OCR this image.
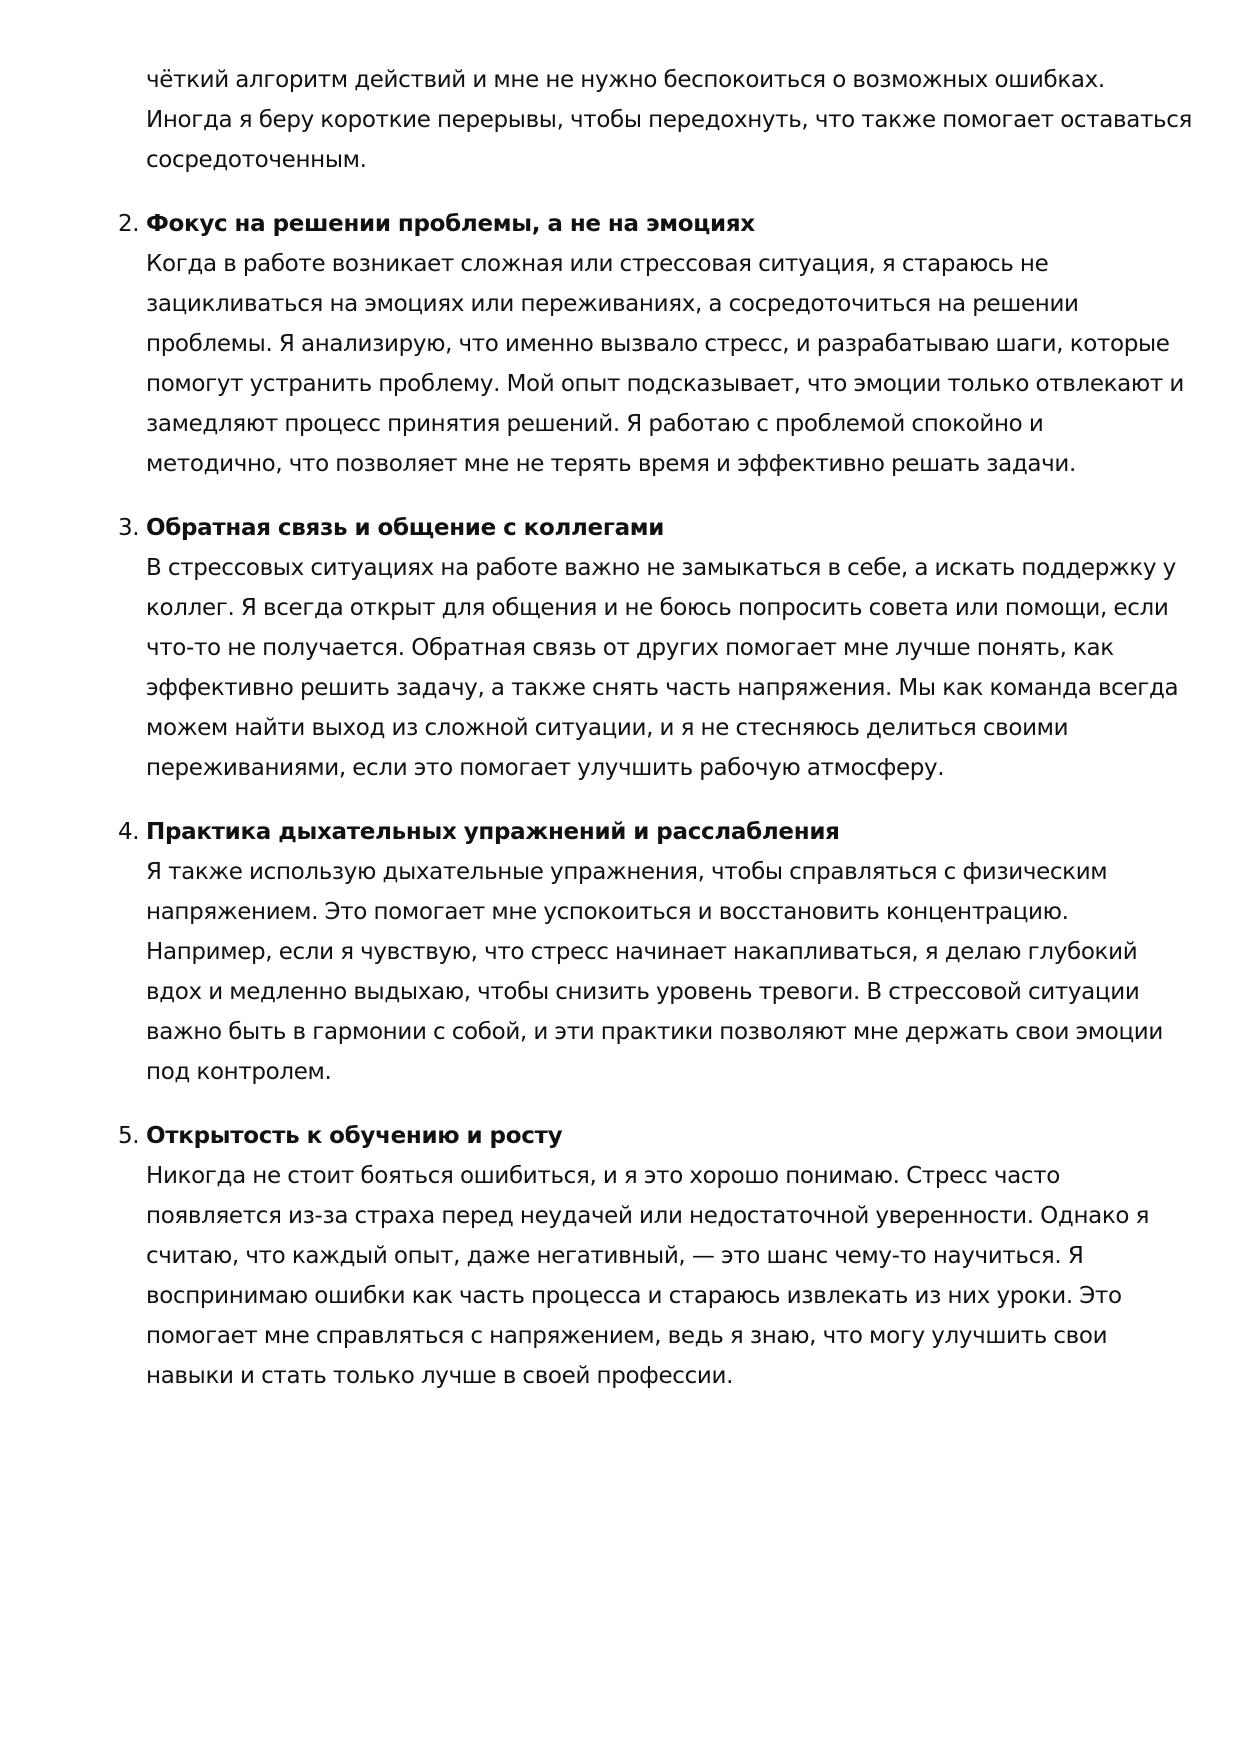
чёткий алгоритм действий и мне не нужно беспокоиться о возможных ошибках.
Иногда я беру короткие перерывы, чтобы передохнуть, что также помогает оставаться
сосредоточенным.
2. Фокус на решении проблемы, а не на эмоциях
Когда в работе возникает сложная или стрессовая ситуация, я стараюсь не
зацикливаться на эмоциях или переживаниях, а сосредоточиться на решении
проблемы. Я анализирую, что именно вызвало стресс, и разрабатываю шаги, которые
помогут устранить проблему. Мой опыт подсказывает, что эмоции только отвлекают и
замедляют процесс принятия решений. Я работаю с проблемой спокойно и
методично, что позволяет мне не терять время и эффективно решать задачи.
3. Обратная связь и общение с коллегами
В стрессовых ситуациях на работе важно не замыкаться в себе, а искать поддержку у
коллег. Я всегда открыт для общения и не боюсь попросить совета или помощи, если
что-то не получается. Обратная связь от других помогает мне лучше понять, как
эффективно решить задачу, а также снять часть напряжения. Мы как команда всегда
можем найти выход из сложной ситуации, и я не стесняюсь делиться своими
переживаниями, если это помогает улучшить рабочую атмосферу.
4. Практика дыхательных упражнений и расслабления
Я также использую дыхательные упражнения, чтобы справляться с физическим
напряжением. Это помогает мне успокоиться и восстановить концентрацию.
Например, если я чувствую, что стресс начинает накапливаться, я делаю глубокий
вдох и медленно выдыхаю, чтобы снизить уровень тревоги. В стрессовой ситуации
важно быть в гармонии с собой, и эти практики позволяют мне держать свои эмоции
под контролем.
5. Открытость к обучению и росту
Никогда не стоит бояться ошибиться, и я это хорошо понимаю. Стресс часто
появляется из-за страха перед неудачей или недостаточной уверенности. Однако я
считаю, что каждый опыт, даже негативный, — это шанс чему-то научиться. Я
воспринимаю ошибки как часть процесса и стараюсь извлекать из них уроки. Это
помогает мне справляться с напряжением, ведь я знаю, что могу улучшить свои
навыки и стать только лучше в своей профессии.
